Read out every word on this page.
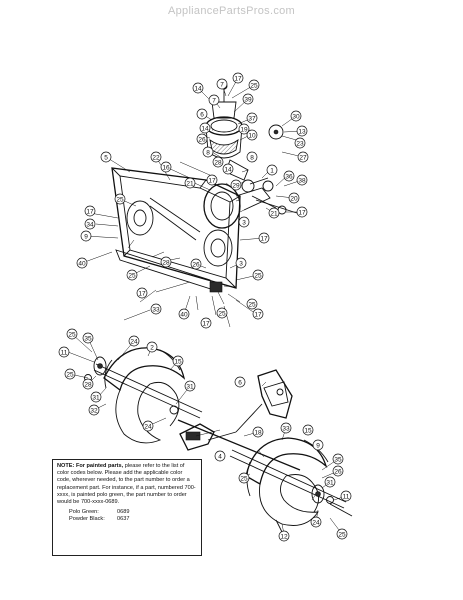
AppliancePartsPros.com
17
7	25
14
7	39
6
37
14	19
26
10
30
13
23
8
28
27
5	22
16	14
8
1
17
36
38
21	29
20
21	17
25
17
34	3
9
40	28
17
25
26
33
40
17
3
25
25
17
25
17
25
11
35	24
2
15
25
28
31
32
31
24
6
4
18
33
9
15
35
26
31
25
11
24
25
12
NOTE: For painted parts, please refer to the list of color codes below. Please add the applicable color code, wherever needed, to the part number to order a replacement part. For instance, if a part, numbered 700-xxxx, is painted polo green, the part number to order would be 700-xxxx-0689.
Polo Green:	0689
Powder Black:	0637
